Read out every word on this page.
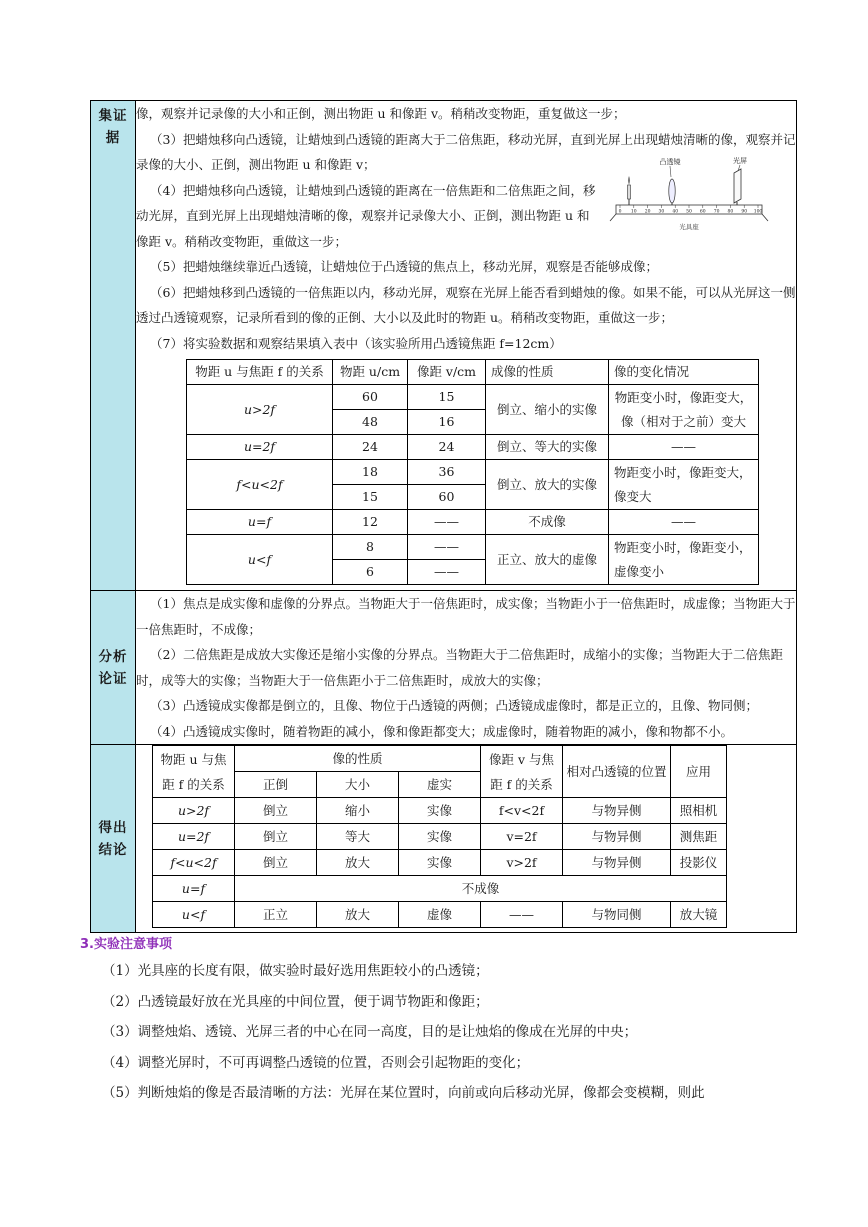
集证
据

像，观察并记录像的大小和正倒，测出物距 u 和像距 v。稍稍改变物距，重复做这一步；

（3）把蜡烛移向凸透镜，让蜡烛到凸透镜的距离大于二倍焦距，移动光屏，直到光屏上出现蜡烛清晰的像，观察并记录像的大小、正倒，测出物距 u 和像距 v；

（4）把蜡烛移向凸透镜，让蜡烛到凸透镜的距离在一倍焦距和二倍焦距之间，移动光屏，直到光屏上出现蜡烛清晰的像，观察并记录像大小、正倒，测出物距 u 和像距 v。稍稍改变物距，重做这一步；

凸透镜	光屏
0 10 20 30 40 50 60 70 80 90 100
光具座

（5）把蜡烛继续靠近凸透镜，让蜡烛位于凸透镜的焦点上，移动光屏，观察是否能够成像；

（6）把蜡烛移到凸透镜的一倍焦距以内，移动光屏，观察在光屏上能否看到蜡烛的像。如果不能，可以从光屏这一侧透过凸透镜观察，记录所看到的像的正倒、大小以及此时的物距 u。稍稍改变物距，重做这一步；

（7）将实验数据和观察结果填入表中（该实验所用凸透镜焦距 f=12cm）

物距 u 与焦距 f 的关系	物距 u/cm	像距 v/cm	成像的性质	像的变化情况
u>2f	60	15	倒立、缩小的实像	物距变小时，像距变大，像（相对于之前）变大
48	16
u=2f	24	24	倒立、等大的实像	——
f<u<2f	18	36	倒立、放大的实像	物距变小时，像距变大，像变大
15	60
u=f	12	——	不成像	——
u<f	8	——	正立、放大的虚像	物距变小时，像距变小，虚像变小
6	——

分析
论证

（1）焦点是成实像和虚像的分界点。当物距大于一倍焦距时，成实像；当物距小于一倍焦距时，成虚像；当物距大于一倍焦距时，不成像；

（2）二倍焦距是成放大实像还是缩小实像的分界点。当物距大于二倍焦距时，成缩小的实像；当物距大于二倍焦距时，成等大的实像；当物距大于一倍焦距小于二倍焦距时，成放大的实像；

（3）凸透镜成实像都是倒立的，且像、物位于凸透镜的两侧；凸透镜成虚像时，都是正立的，且像、物同侧；

（4）凸透镜成实像时，随着物距的减小，像和像距都变大；成虚像时，随着物距的减小，像和物都不小。

得出
结论

物距 u 与焦距 f 的关系	像的性质	像距 v 与焦距 f 的关系	相对凸透镜的位置	应用
正倒	大小	虚实
u>2f	倒立	缩小	实像	f<v<2f	与物异侧	照相机
u=2f	倒立	等大	实像	v=2f	与物异侧	测焦距
f<u<2f	倒立	放大	实像	v>2f	与物异侧	投影仪
u=f	不成像
u<f	正立	放大	虚像	——	与物同侧	放大镜

3.实验注意事项

（1）光具座的长度有限，做实验时最好选用焦距较小的凸透镜；

（2）凸透镜最好放在光具座的中间位置，便于调节物距和像距；

（3）调整烛焰、透镜、光屏三者的中心在同一高度，目的是让烛焰的像成在光屏的中央；

（4）调整光屏时，不可再调整凸透镜的位置，否则会引起物距的变化；

（5）判断烛焰的像是否最清晰的方法：光屏在某位置时，向前或向后移动光屏，像都会变模糊，则此
